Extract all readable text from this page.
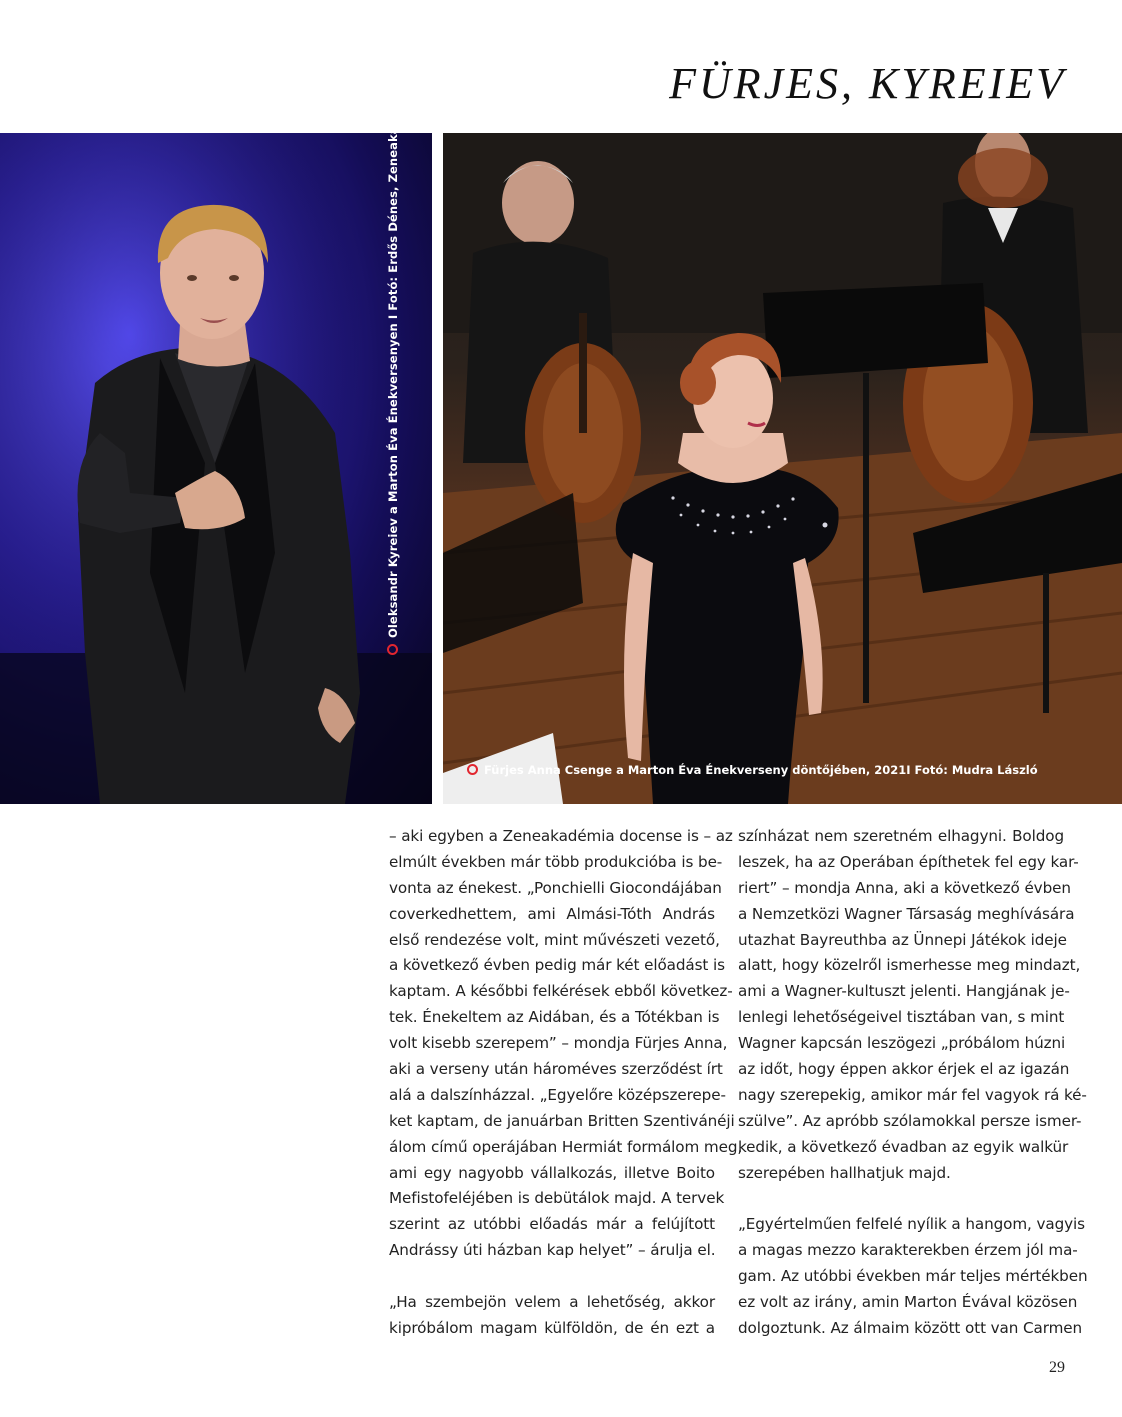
FÜRJES, KYREIEV
Oleksandr Kyreiev a Marton Éva Énekversenyen I Fotó: Erdős Dénes, Zeneakadémia
Fürjes Anna Csenge a Marton Éva Énekverseny döntőjében, 2021I Fotó: Mudra László
– aki egyben a Zeneakadémia docense is – az
elmúlt években már több produkcióba is be-
vonta az énekest. „Ponchielli Giocondájában
coverkedhettem, ami Almási-Tóth András
első rendezése volt, mint művészeti vezető,
a következő évben pedig már két előadást is
kaptam. A későbbi felkérések ebből következ-
tek. Énekeltem az Aidában, és a Tótékban is
volt kisebb szerepem” – mondja Fürjes Anna,
aki a verseny után hároméves szerződést írt
alá a dalszínházzal. „Egyelőre középszerepe-
ket kaptam, de januárban Britten Szentivánéji
álom című operájában Hermiát formálom meg,
ami egy nagyobb vállalkozás, illetve Boito
Mefistofeléjében is debütálok majd. A tervek
szerint az utóbbi előadás már a felújított
Andrássy úti házban kap helyet” – árulja el.
„Ha szembejön velem a lehetőség, akkor
kipróbálom magam külföldön, de én ezt a
színházat nem szeretném elhagyni. Boldog
leszek, ha az Operában építhetek fel egy kar-
riert” – mondja Anna, aki a következő évben
a Nemzetközi Wagner Társaság meghívására
utazhat Bayreuthba az Ünnepi Játékok ideje
alatt, hogy közelről ismerhesse meg mindazt,
ami a Wagner-kultuszt jelenti. Hangjának je-
lenlegi lehetőségeivel tisztában van, s mint
Wagner kapcsán leszögezi „próbálom húzni
az időt, hogy éppen akkor érjek el az igazán
nagy szerepekig, amikor már fel vagyok rá ké-
szülve”. Az apróbb szólamokkal persze ismer-
kedik, a következő évadban az egyik walkür
szerepében hallhatjuk majd.
„Egyértelműen felfelé nyílik a hangom, vagyis
a magas mezzo karakterekben érzem jól ma-
gam. Az utóbbi években már teljes mértékben
ez volt az irány, amin Marton Évával közösen
dolgoztunk. Az álmaim között ott van Carmen
29
